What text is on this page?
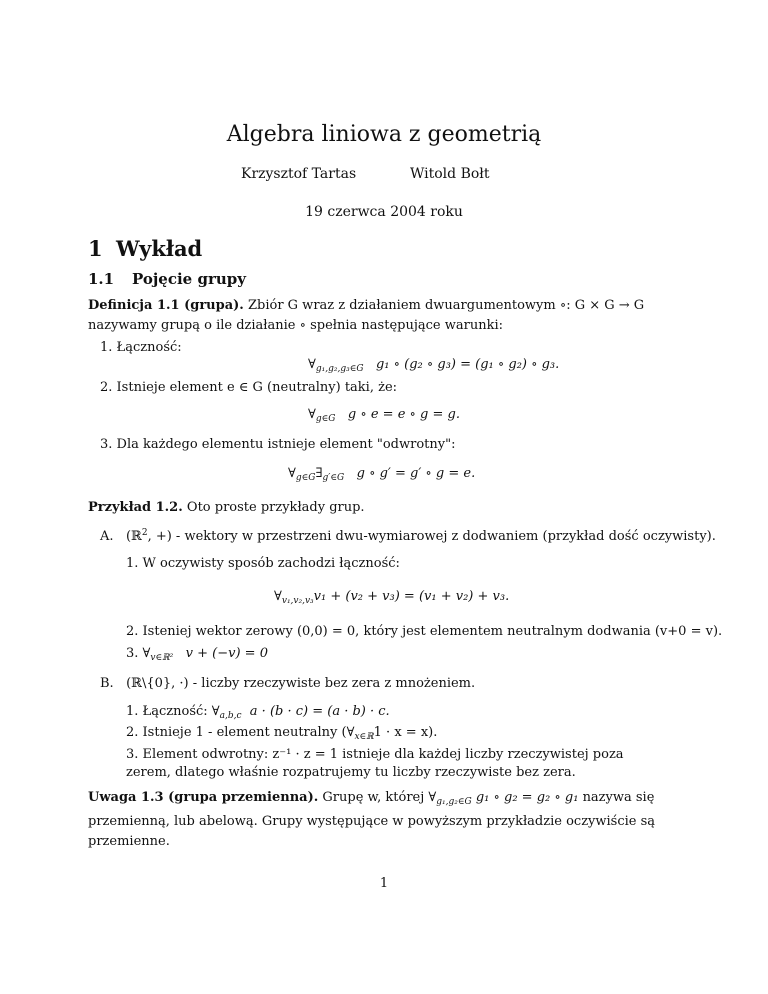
Algebra liniowa z geometrią
Krzysztof Tartas	Witold Bołt
19 czerwca 2004 roku
1 Wykład
1.1 Pojęcie grupy
Definicja 1.1 (grupa). Zbiór G wraz z działaniem dwuargumentowym ∘: G × G → G nazywamy grupą o ile działanie ∘ spełnia następujące warunki:
1. Łączność:
$\forall_{g_1,g_2,g_3\in G}$ g₁ ∘ (g₂ ∘ g₃) = (g₁ ∘ g₂) ∘ g₃.
2. Istnieje element e ∈ G (neutralny) taki, że:
$\forall_{g\in G}$ g ∘ e = e ∘ g = g.
3. Dla każdego elementu istnieje element "odwrotny":
$\forall_{g\in G}\exists_{g'\in G}$ g ∘ g′ = g′ ∘ g = e.
Przykład 1.2. Oto proste przykłady grup.
A. (ℝ$^2$, +) - wektory w przestrzeni dwu-wymiarowej z dodwaniem (przykład dość oczywisty).
1. W oczywisty sposób zachodzi łączność:
$\forall_{v_1,v_2,v_3}v_1 + (v_2 + v_3) = (v_1 + v_2) + v_3$.
2. Isteniej wektor zerowy (0,0) = 0, który jest elementem neutralnym dodwania (v+0 = v).
3. $\forall_{v\in ℝ^2}$ v + (−v) = 0
B. (ℝ\{0}, ·) - liczby rzeczywiste bez zera z mnożeniem.
1. Łączność: $\forall_{a,b,c}$ a · (b · c) = (a · b) · c.
2. Istnieje 1 - element neutralny $(\forall_{x\in ℝ}1 \cdot x = x)$.
3. Element odwrotny: z⁻¹ · z = 1 istnieje dla każdej liczby rzeczywistej poza zerem, dlatego właśnie rozpatrujemy tu liczby rzeczywiste bez zera.
Uwaga 1.3 (grupa przemienna). Grupę w, której $\forall_{g_1,g_2\in G}$ g₁ ∘ g₂ = g₂ ∘ g₁ nazywa się przemienną, lub abelową. Grupy występujące w powyższym przykładzie oczywiście są przemienne.
1
